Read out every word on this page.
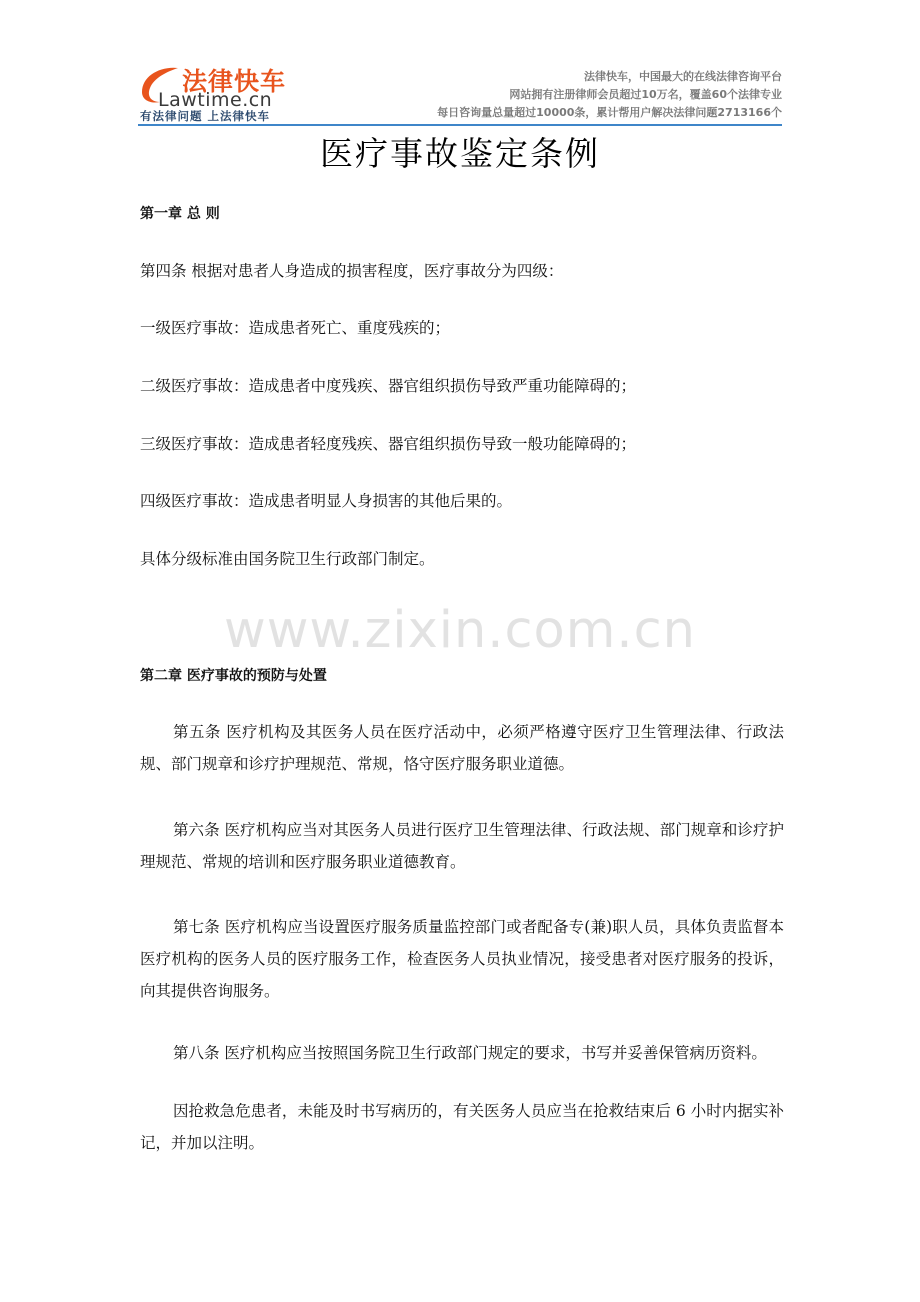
法律快车
Lawtime.cn
有法律问题 上法律快车
法律快车，中国最大的在线法律咨询平台
网站拥有注册律师会员超过10万名，覆盖60个法律专业
每日咨询量总量超过10000条，累计帮用户解决法律问题2713166个
医疗事故鉴定条例
www.zixin.com.cn
第一章 总 则
第四条 根据对患者人身造成的损害程度，医疗事故分为四级：
一级医疗事故：造成患者死亡、重度残疾的；
二级医疗事故：造成患者中度残疾、器官组织损伤导致严重功能障碍的；
三级医疗事故：造成患者轻度残疾、器官组织损伤导致一般功能障碍的；
四级医疗事故：造成患者明显人身损害的其他后果的。
具体分级标准由国务院卫生行政部门制定。
第二章 医疗事故的预防与处置
第五条 医疗机构及其医务人员在医疗活动中，必须严格遵守医疗卫生管理法律、行政法规、部门规章和诊疗护理规范、常规，恪守医疗服务职业道德。
第六条 医疗机构应当对其医务人员进行医疗卫生管理法律、行政法规、部门规章和诊疗护理规范、常规的培训和医疗服务职业道德教育。
第七条 医疗机构应当设置医疗服务质量监控部门或者配备专(兼)职人员，具体负责监督本医疗机构的医务人员的医疗服务工作，检查医务人员执业情况，接受患者对医疗服务的投诉，向其提供咨询服务。
第八条 医疗机构应当按照国务院卫生行政部门规定的要求，书写并妥善保管病历资料。
因抢救急危患者，未能及时书写病历的，有关医务人员应当在抢救结束后 6 小时内据实补记，并加以注明。
